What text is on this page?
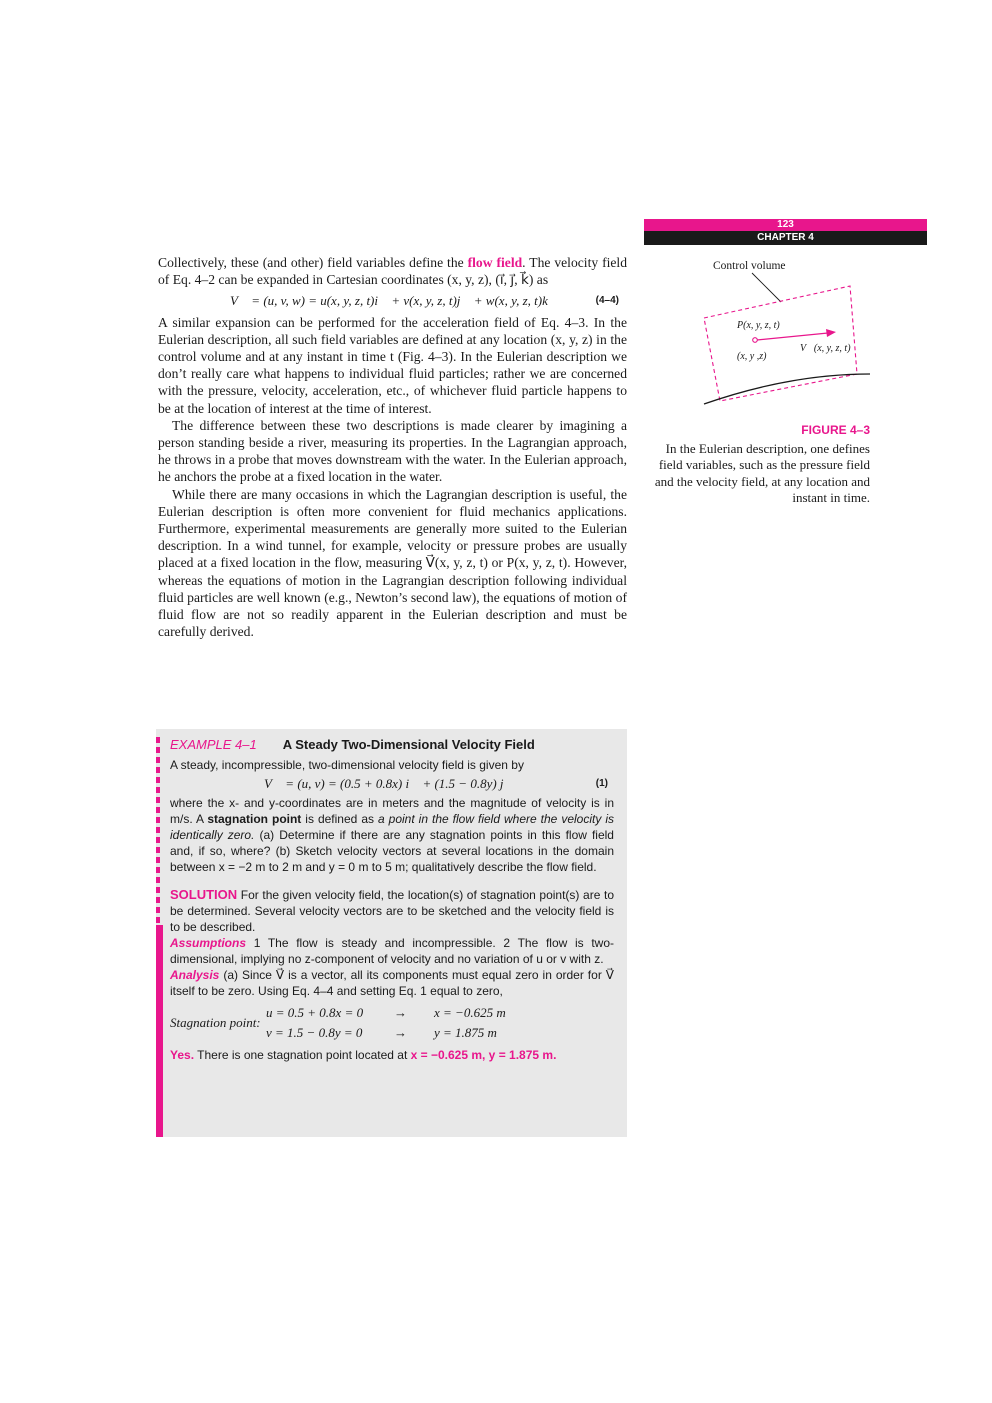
123
CHAPTER 4

Collectively, these (and other) field variables define the flow field. The velocity field of Eq. 4–2 can be expanded in Cartesian coordinates (x, y, z), (i⃗, j⃗, k⃗) as

V⃗ = (u, v, w) = u(x, y, z, t)i⃗ + v(x, y, z, t)j⃗ + w(x, y, z, t)k⃗	(4–4)

A similar expansion can be performed for the acceleration field of Eq. 4–3. In the Eulerian description, all such field variables are defined at any location (x, y, z) in the control volume and at any instant in time t (Fig. 4–3). In the Eulerian description we don’t really care what happens to individual fluid particles; rather we are concerned with the pressure, velocity, acceleration, etc., of whichever fluid particle happens to be at the location of interest at the time of interest.

The difference between these two descriptions is made clearer by imagining a person standing beside a river, measuring its properties. In the Lagrangian approach, he throws in a probe that moves downstream with the water. In the Eulerian approach, he anchors the probe at a fixed location in the water.

While there are many occasions in which the Lagrangian description is useful, the Eulerian description is often more convenient for fluid mechanics applications. Furthermore, experimental measurements are generally more suited to the Eulerian description. In a wind tunnel, for example, velocity or pressure probes are usually placed at a fixed location in the flow, measuring V⃗(x, y, z, t) or P(x, y, z, t). However, whereas the equations of motion in the Lagrangian description following individual fluid particles are well known (e.g., Newton’s second law), the equations of motion of fluid flow are not so readily apparent in the Eulerian description and must be carefully derived.

Control volume
P(x, y, z, t)
(x, y ,z)
V⃗(x, y, z, t)
FIGURE 4–3
In the Eulerian description, one defines field variables, such as the pressure field and the velocity field, at any location and instant in time.

EXAMPLE 4–1 A Steady Two-Dimensional Velocity Field

A steady, incompressible, two-dimensional velocity field is given by

V⃗ = (u, v) = (0.5 + 0.8x) i⃗ + (1.5 − 0.8y) j⃗	(1)

where the x- and y-coordinates are in meters and the magnitude of velocity is in m/s. A stagnation point is defined as a point in the flow field where the velocity is identically zero. (a) Determine if there are any stagnation points in this flow field and, if so, where? (b) Sketch velocity vectors at several locations in the domain between x = −2 m to 2 m and y = 0 m to 5 m; qualitatively describe the flow field.

SOLUTION For the given velocity field, the location(s) of stagnation point(s) are to be determined. Several velocity vectors are to be sketched and the velocity field is to be described.

Assumptions 1 The flow is steady and incompressible. 2 The flow is two-dimensional, implying no z-component of velocity and no variation of u or v with z.

Analysis (a) Since V⃗ is a vector, all its components must equal zero in order for V⃗ itself to be zero. Using Eq. 4–4 and setting Eq. 1 equal to zero,

Stagnation point:
u = 0.5 + 0.8x = 0	→	x = −0.625 m
v = 1.5 − 0.8y = 0	→	y = 1.875 m

Yes. There is one stagnation point located at x = −0.625 m, y = 1.875 m.
